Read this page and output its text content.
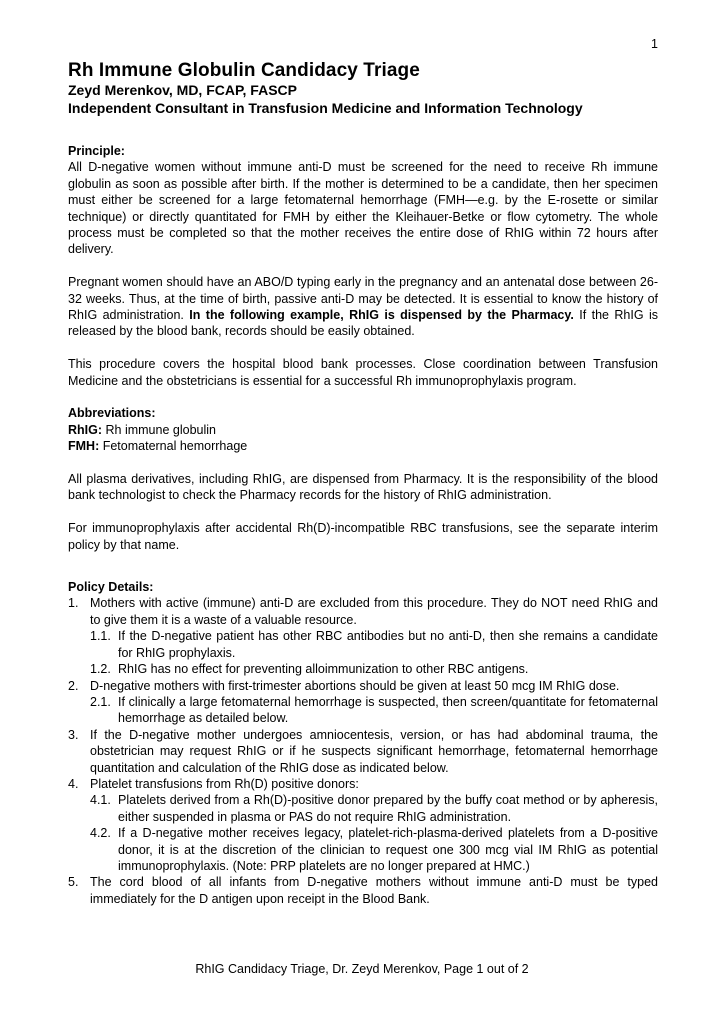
1
Rh Immune Globulin Candidacy Triage
Zeyd Merenkov, MD, FCAP, FASCP
Independent Consultant in Transfusion Medicine and Information Technology
Principle:

All D-negative women without immune anti-D must be screened for the need to receive Rh immune globulin as soon as possible after birth. If the mother is determined to be a candidate, then her specimen must either be screened for a large fetomaternal hemorrhage (FMH—e.g. by the E-rosette or similar technique) or directly quantitated for FMH by either the Kleihauer-Betke or flow cytometry. The whole process must be completed so that the mother receives the entire dose of RhIG within 72 hours after delivery.

Pregnant women should have an ABO/D typing early in the pregnancy and an antenatal dose between 26-32 weeks. Thus, at the time of birth, passive anti-D may be detected. It is essential to know the history of RhIG administration. In the following example, RhIG is dispensed by the Pharmacy. If the RhIG is released by the blood bank, records should be easily obtained.

This procedure covers the hospital blood bank processes. Close coordination between Transfusion Medicine and the obstetricians is essential for a successful Rh immunoprophylaxis program.

Abbreviations:
RhIG: Rh immune globulin
FMH: Fetomaternal hemorrhage

All plasma derivatives, including RhIG, are dispensed from Pharmacy. It is the responsibility of the blood bank technologist to check the Pharmacy records for the history of RhIG administration.

For immunoprophylaxis after accidental Rh(D)-incompatible RBC transfusions, see the separate interim policy by that name.

Policy Details:
1. Mothers with active (immune) anti-D are excluded from this procedure. They do NOT need RhIG and to give them it is a waste of a valuable resource.

1.1. If the D-negative patient has other RBC antibodies but no anti-D, then she remains a candidate for RhIG prophylaxis.

1.2. RhIG has no effect for preventing alloimmunization to other RBC antigens.

2. D-negative mothers with first-trimester abortions should be given at least 50 mcg IM RhIG dose.

2.1. If clinically a large fetomaternal hemorrhage is suspected, then screen/quantitate for fetomaternal hemorrhage as detailed below.

3. If the D-negative mother undergoes amniocentesis, version, or has had abdominal trauma, the obstetrician may request RhIG or if he suspects significant hemorrhage, fetomaternal hemorrhage quantitation and calculation of the RhIG dose as indicated below.

4. Platelet transfusions from Rh(D) positive donors:

4.1. Platelets derived from a Rh(D)-positive donor prepared by the buffy coat method or by apheresis, either suspended in plasma or PAS do not require RhIG administration.

4.2. If a D-negative mother receives legacy, platelet-rich-plasma-derived platelets from a D-positive donor, it is at the discretion of the clinician to request one 300 mcg vial IM RhIG as potential immunoprophylaxis. (Note: PRP platelets are no longer prepared at HMC.)

5. The cord blood of all infants from D-negative mothers without immune anti-D must be typed immediately for the D antigen upon receipt in the Blood Bank.

RhIG Candidacy Triage, Dr. Zeyd Merenkov, Page 1 out of 2
